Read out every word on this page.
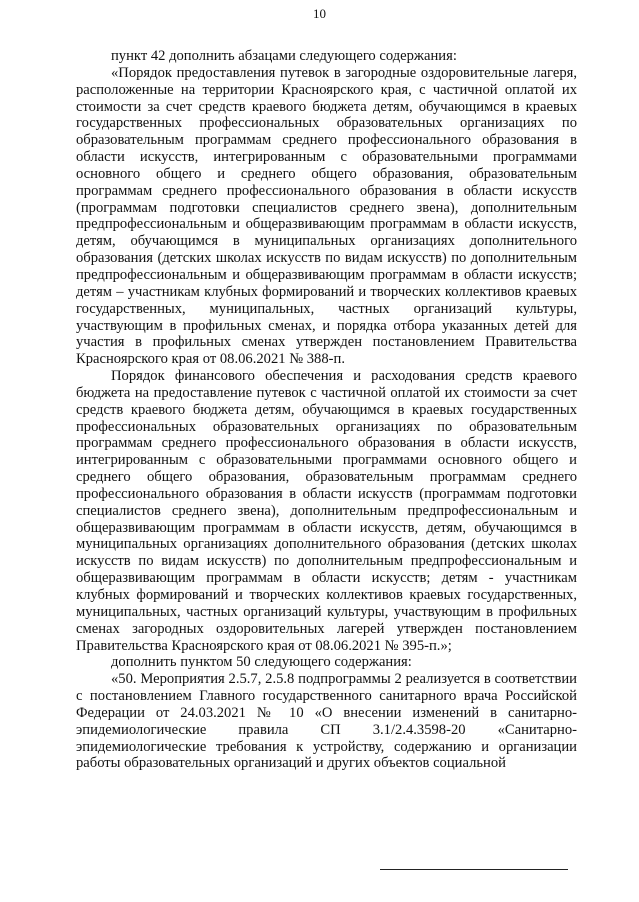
10

пункт 42 дополнить абзацами следующего содержания:

«Порядок предоставления путевок в загородные оздоровительные лагеря, расположенные на территории Красноярского края, с частичной оплатой их стоимости за счет средств краевого бюджета детям, обучающимся в краевых государственных профессиональных образовательных организациях по образовательным программам среднего профессионального образования в области искусств, интегрированным с образовательными программами основного общего и среднего общего образования, образовательным программам среднего профессионального образования в области искусств (программам подготовки специалистов среднего звена), дополнительным предпрофессиональным и общеразвивающим программам в области искусств, детям, обучающимся в муниципальных организациях дополнительного образования (детских школах искусств по видам искусств) по дополнительным предпрофессиональным и общеразвивающим программам в области искусств; детям – участникам клубных формирований и творческих коллективов краевых государственных, муниципальных, частных организаций культуры, участвующим в профильных сменах, и порядка отбора указанных детей для участия в профильных сменах утвержден постановлением Правительства Красноярского края от 08.06.2021 № 388-п.

Порядок финансового обеспечения и расходования средств краевого бюджета на предоставление путевок с частичной оплатой их стоимости за счет средств краевого бюджета детям, обучающимся в краевых государственных профессиональных образовательных организациях по образовательным программам среднего профессионального образования в области искусств, интегрированным с образовательными программами основного общего и среднего общего образования, образовательным программам среднего профессионального образования в области искусств (программам подготовки специалистов среднего звена), дополнительным предпрофессиональным и общеразвивающим программам в области искусств, детям, обучающимся в муниципальных организациях дополнительного образования (детских школах искусств по видам искусств) по дополнительным предпрофессиональным и общеразвивающим программам в области искусств; детям - участникам клубных формирований и творческих коллективов краевых государственных, муниципальных, частных организаций культуры, участвующим в профильных сменах загородных оздоровительных лагерей утвержден постановлением Правительства Красноярского края от 08.06.2021 № 395-п.»;

дополнить пунктом 50 следующего содержания:

«50. Мероприятия 2.5.7, 2.5.8 подпрограммы 2 реализуется в соответствии с постановлением Главного государственного санитарного врача Российской Федерации от 24.03.2021 № 10 «О внесении изменений в санитарно-эпидемиологические правила СП 3.1/2.4.3598-20 «Санитарно-эпидемиологические требования к устройству, содержанию и организации работы образовательных организаций и других объектов социальной
